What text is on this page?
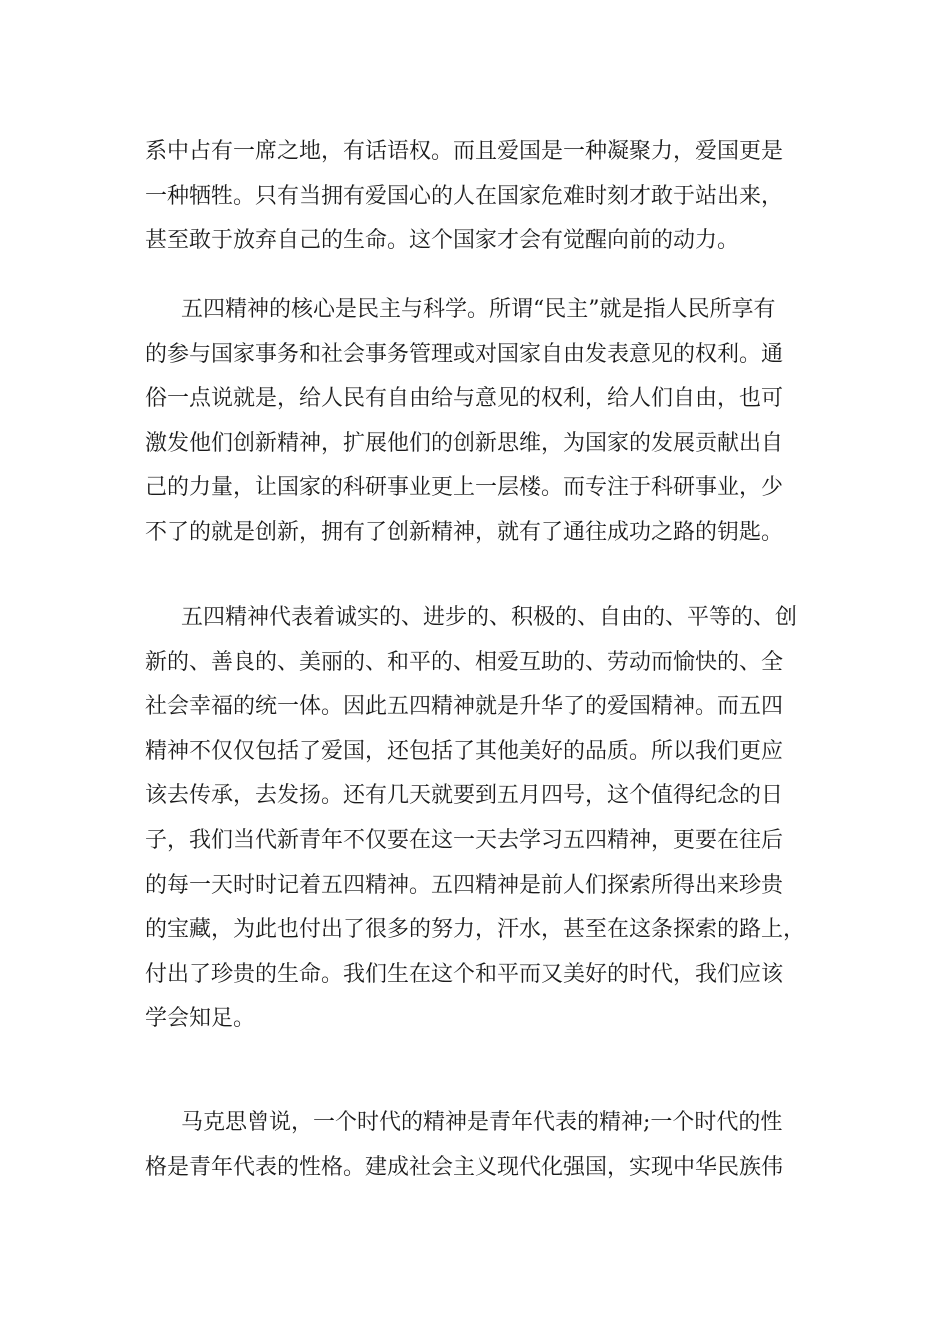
系中占有一席之地，有话语权。而且爱国是一种凝聚力，爱国更是
一种牺牲。只有当拥有爱国心的人在国家危难时刻才敢于站出来，
甚至敢于放弃自己的生命。这个国家才会有觉醒向前的动力。
五四精神的核心是民主与科学。所谓“民主”就是指人民所享有
的参与国家事务和社会事务管理或对国家自由发表意见的权利。通
俗一点说就是，给人民有自由给与意见的权利，给人们自由，也可
激发他们创新精神，扩展他们的创新思维，为国家的发展贡献出自
己的力量，让国家的科研事业更上一层楼。而专注于科研事业，少
不了的就是创新，拥有了创新精神，就有了通往成功之路的钥匙。
五四精神代表着诚实的、进步的、积极的、自由的、平等的、创
新的、善良的、美丽的、和平的、相爱互助的、劳动而愉快的、全
社会幸福的统一体。因此五四精神就是升华了的爱国精神。而五四
精神不仅仅包括了爱国，还包括了其他美好的品质。所以我们更应
该去传承，去发扬。还有几天就要到五月四号，这个值得纪念的日
子，我们当代新青年不仅要在这一天去学习五四精神，更要在往后
的每一天时时记着五四精神。五四精神是前人们探索所得出来珍贵
的宝藏，为此也付出了很多的努力，汗水，甚至在这条探索的路上，
付出了珍贵的生命。我们生在这个和平而又美好的时代，我们应该
学会知足。
马克思曾说，一个时代的精神是青年代表的精神;一个时代的性
格是青年代表的性格。建成社会主义现代化强国，实现中华民族伟
